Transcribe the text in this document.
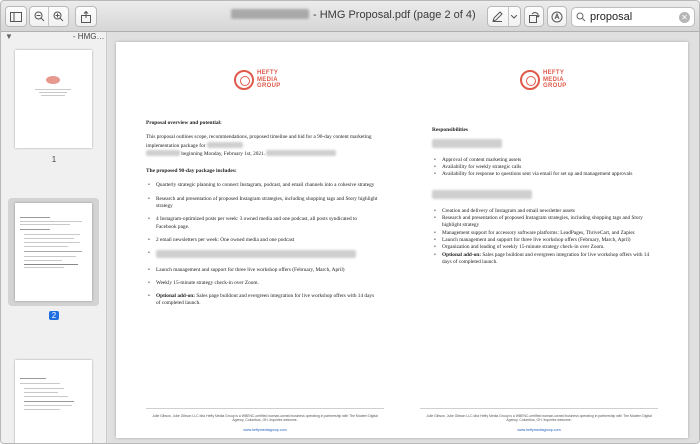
- HMG Proposal.pdf (page 2 of 4)	proposal	✕
▼	- HMG…
1
2
HEFTY
MEDIA
GROUP
Proposal overview and potential:

This proposal outlines scope, recommendations, proposed timeline and bid for a 90-day content marketing implementation package for
beginning Monday, February 1st, 2021.

The proposed 90-day package includes:
• Quarterly strategic planning to connect Instagram, podcast, and email channels into a cohesive strategy
• Research and presentation of proposed Instagram strategies, including shopping tags and Story highlight strategy
• 4 Instagram-optimized posts per week: 3 owned media and one podcast, all posts syndicated to Facebook page.
• 2 email newsletters per week: One owned media and one podcast
•
• Launch management and support for three live workshop offers (February, March, April)
• Weekly 15-minute strategy check-in over Zoom.
• Optional add-on: Sales page buildout and evergreen integration for live workshop offers with 14 days of completed launch.
Julie Gibson, Julie Gibson LLC dba Hefty Media Group is a WBENC-certified woman-owned business operating in partnership with The Modern Digital Agency, Columbus, OH. Inquiries welcome.
www.heftymediagroup.com
HEFTY
MEDIA
GROUP
Responsibilities
• Approval of content marketing assets
• Availability for weekly strategic calls
• Availability for response to questions sent via email for set up and management approvals
• Creation and delivery of Instagram and email newsletter assets
• Research and presentation of proposed Instagram strategies, including shopping tags and Story highlight strategy
• Management support for accessory software platforms: LeadPages, ThriveCart, and Zapier.
• Launch management and support for three live workshop offers (February, March, April)
• Organization and leading of weekly 15-minute strategy check-in over Zoom.
• Optional add-on: Sales page buildout and evergreen integration for live workshop offers with 14 days of completed launch.
Julie Gibson, Julie Gibson LLC dba Hefty Media Group is a WBENC-certified woman-owned business operating in partnership with The Modern Digital Agency, Columbus, OH. Inquiries welcome.
www.heftymediagroup.com
